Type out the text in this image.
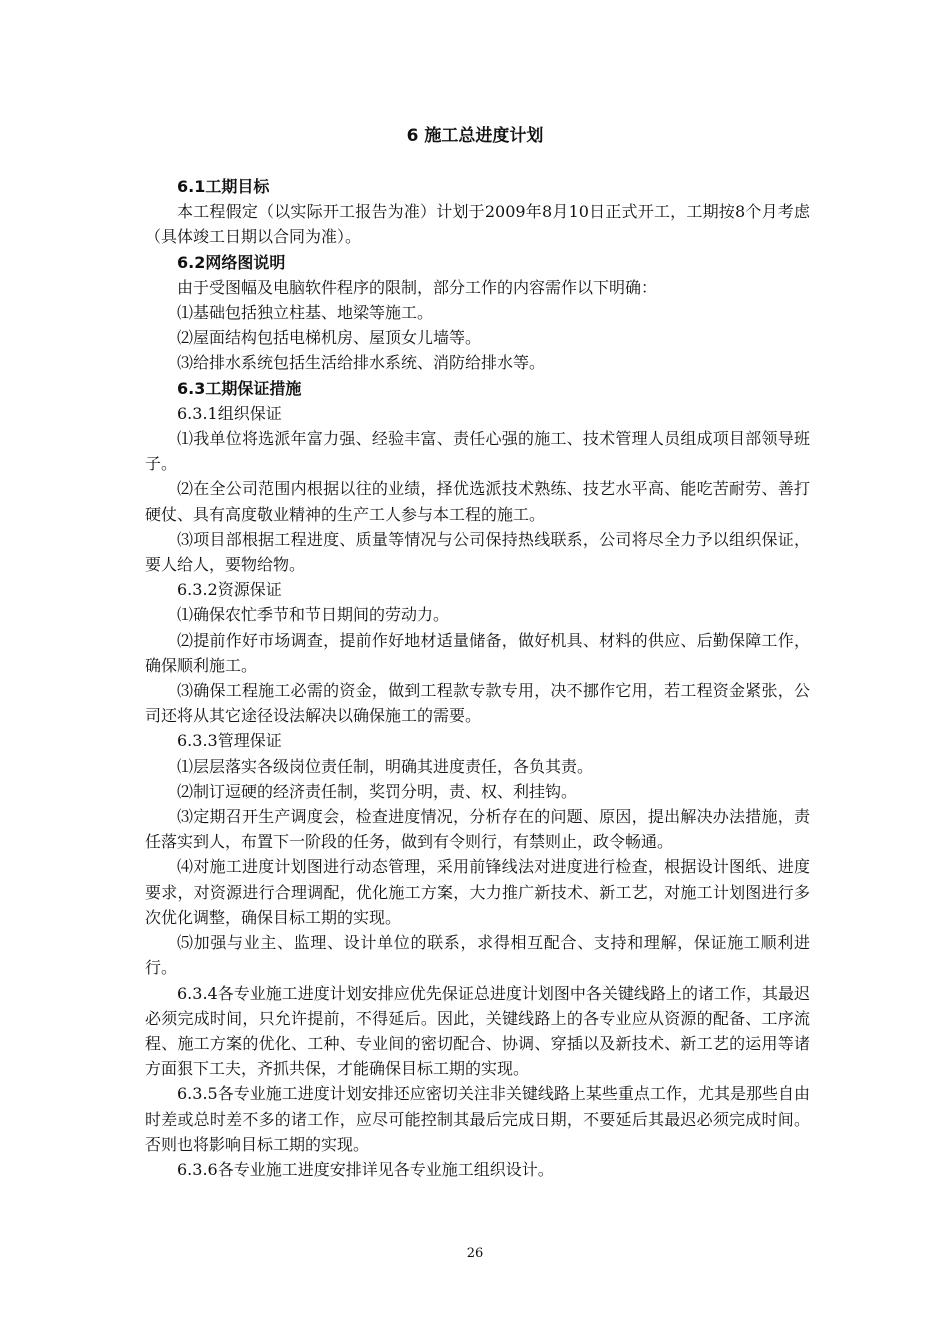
6 施工总进度计划

6.1工期目标

本工程假定（以实际开工报告为准）计划于2009年8月10日正式开工，工期按8个月考虑（具体竣工日期以合同为准）。

6.2网络图说明

由于受图幅及电脑软件程序的限制，部分工作的内容需作以下明确：

⑴基础包括独立柱基、地梁等施工。

⑵屋面结构包括电梯机房、屋顶女儿墙等。

⑶给排水系统包括生活给排水系统、消防给排水等。

6.3工期保证措施

6.3.1组织保证

⑴我单位将选派年富力强、经验丰富、责任心强的施工、技术管理人员组成项目部领导班子。

⑵在全公司范围内根据以往的业绩，择优选派技术熟练、技艺水平高、能吃苦耐劳、善打硬仗、具有高度敬业精神的生产工人参与本工程的施工。

⑶项目部根据工程进度、质量等情况与公司保持热线联系，公司将尽全力予以组织保证，要人给人，要物给物。

6.3.2资源保证

⑴确保农忙季节和节日期间的劳动力。

⑵提前作好市场调查，提前作好地材适量储备，做好机具、材料的供应、后勤保障工作，确保顺利施工。

⑶确保工程施工必需的资金，做到工程款专款专用，决不挪作它用，若工程资金紧张，公司还将从其它途径设法解决以确保施工的需要。

6.3.3管理保证

⑴层层落实各级岗位责任制，明确其进度责任，各负其责。

⑵制订逗硬的经济责任制，奖罚分明，责、权、利挂钩。

⑶定期召开生产调度会，检查进度情况，分析存在的问题、原因，提出解决办法措施，责任落实到人，布置下一阶段的任务，做到有令则行，有禁则止，政令畅通。

⑷对施工进度计划图进行动态管理，采用前锋线法对进度进行检查，根据设计图纸、进度要求，对资源进行合理调配，优化施工方案，大力推广新技术、新工艺，对施工计划图进行多次优化调整，确保目标工期的实现。

⑸加强与业主、监理、设计单位的联系，求得相互配合、支持和理解，保证施工顺利进行。

6.3.4各专业施工进度计划安排应优先保证总进度计划图中各关键线路上的诸工作，其最迟必须完成时间，只允许提前，不得延后。因此，关键线路上的各专业应从资源的配备、工序流程、施工方案的优化、工种、专业间的密切配合、协调、穿插以及新技术、新工艺的运用等诸方面狠下工夫，齐抓共保，才能确保目标工期的实现。

6.3.5各专业施工进度计划安排还应密切关注非关键线路上某些重点工作，尤其是那些自由时差或总时差不多的诸工作，应尽可能控制其最后完成日期，不要延后其最迟必须完成时间。否则也将影响目标工期的实现。

6.3.6各专业施工进度安排详见各专业施工组织设计。

26
